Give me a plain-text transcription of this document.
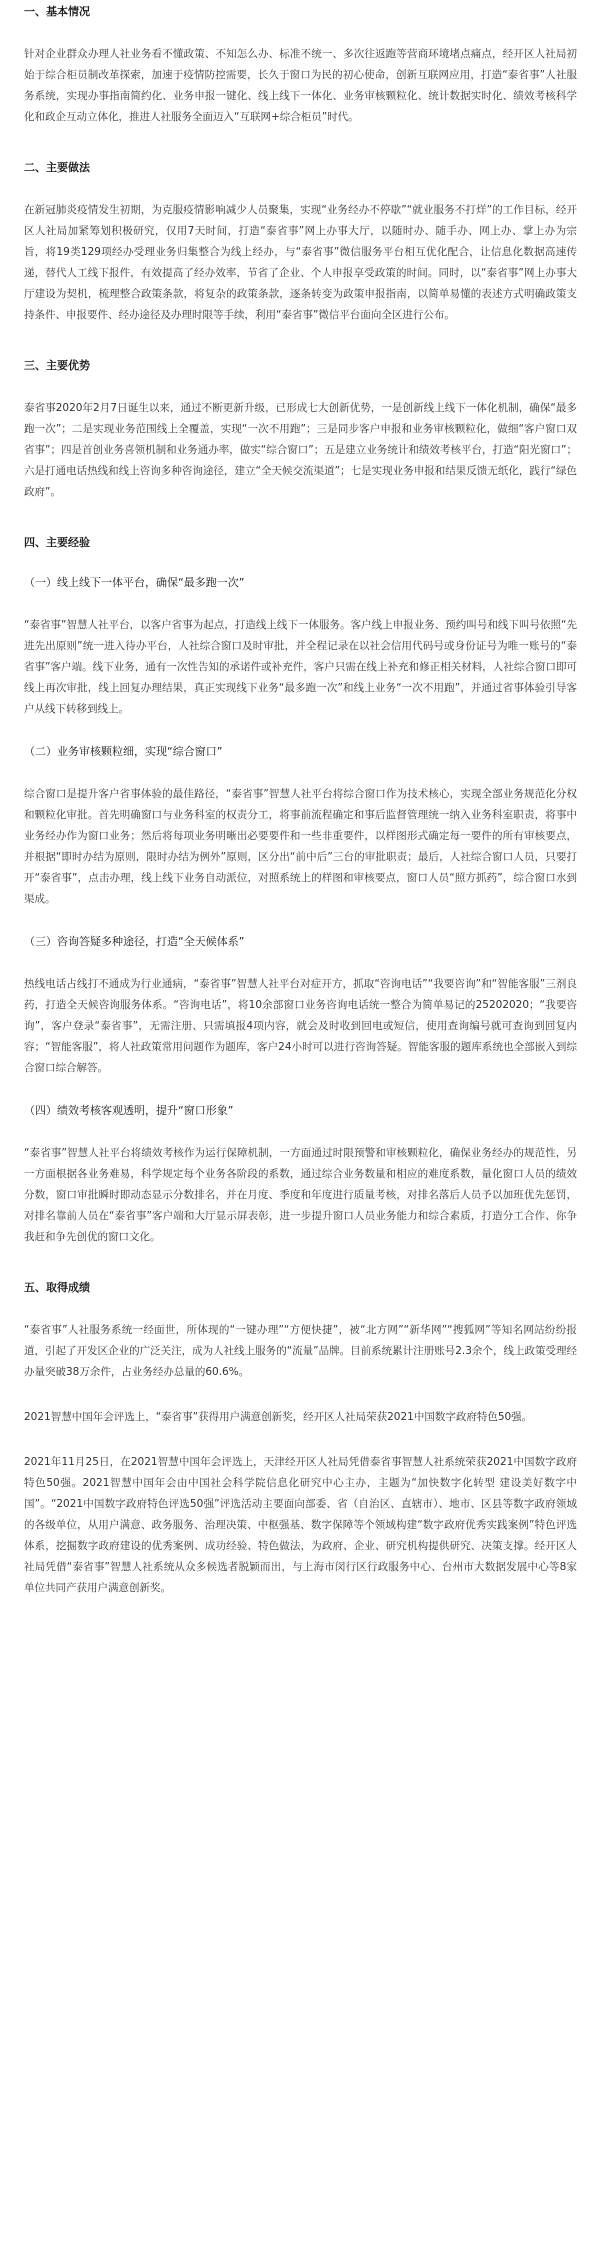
一、基本情况

针对企业群众办理人社业务看不懂政策、不知怎么办、标准不统一、多次往返跑等营商环境堵点痛点，经开区人社局初始于综合柜员制改革探索，加速于疫情防控需要，长久于窗口为民的初心使命，创新互联网应用，打造“泰省事”人社服务系统，实现办事指南简约化、业务申报一键化、线上线下一体化、业务审核颗粒化、统计数据实时化、绩效考核科学化和政企互动立体化，推进人社服务全面迈入“互联网+综合柜员”时代。

二、主要做法

在新冠肺炎疫情发生初期，为克服疫情影响减少人员聚集，实现“业务经办不停歇”“就业服务不打烊”的工作目标，经开区人社局加紧筹划积极研究，仅用7天时间，打造“泰省事”网上办事大厅，以随时办、随手办、网上办、掌上办为宗旨，将19类129项经办受理业务归集整合为线上经办，与“泰省事”微信服务平台相互优化配合，让信息化数据高速传递，替代人工线下报件，有效提高了经办效率，节省了企业、个人申报享受政策的时间。同时，以“泰省事”网上办事大厅建设为契机，梳理整合政策条款，将复杂的政策条款，逐条转变为政策申报指南，以简单易懂的表述方式明确政策支持条件、申报要件、经办途径及办理时限等手续，利用“泰省事”微信平台面向全区进行公布。

三、主要优势

泰省事2020年2月7日诞生以来，通过不断更新升级，已形成七大创新优势，一是创新线上线下一体化机制，确保“最多跑一次”；二是实现业务范围线上全覆盖，实现“一次不用跑”；三是同步客户申报和业务审核颗粒化，做细“客户窗口双省事”；四是首创业务喜领机制和业务通办率，做实“综合窗口”；五是建立业务统计和绩效考核平台，打造“阳光窗口”；六是打通电话热线和线上咨询多种咨询途径，建立“全天候交流渠道”；七是实现业务申报和结果反馈无纸化，践行“绿色政府”。

四、主要经验

（一）线上线下一体平台，确保“最多跑一次”

“泰省事”智慧人社平台，以客户省事为起点，打造线上线下一体服务。客户线上申报业务、预约叫号和线下叫号依照“先进先出原则”统一进入待办平台，人社综合窗口及时审批，并全程记录在以社会信用代码号或身份证号为唯一账号的“泰省事”客户端。线下业务，通有一次性告知的承诺件或补充件，客户只需在线上补充和修正相关材料，人社综合窗口即可线上再次审批，线上回复办理结果，真正实现线下业务“最多跑一次”和线上业务“一次不用跑”，并通过省事体验引导客户从线下转移到线上。

（二）业务审核颗粒细，实现“综合窗口”

综合窗口是提升客户省事体验的最佳路径，“泰省事”智慧人社平台将综合窗口作为技术核心，实现全部业务规范化分权和颗粒化审批。首先明确窗口与业务科室的权责分工，将事前流程确定和事后监督管理统一纳入业务科室职责，将事中业务经办作为窗口业务；然后将每项业务明晰出必要要件和一些非重要件，以样图形式确定每一要件的所有审核要点，并根据“即时办结为原则，限时办结为例外”原则，区分出“前中后”三台的审批职责；最后，人社综合窗口人员，只要打开“泰省事”，点击办理，线上线下业务自动派位，对照系统上的样图和审核要点，窗口人员“照方抓药”，综合窗口水到渠成。

（三）咨询答疑多种途径，打造“全天候体系”

热线电话占线打不通成为行业通病，“泰省事”智慧人社平台对症开方，抓取“咨询电话”“我要咨询”和“智能客服”三剂良药，打造全天候咨询服务体系。“咨询电话”，将10余部窗口业务咨询电话统一整合为简单易记的25202020；“我要咨询”，客户登录“泰省事”，无需注册、只需填报4项内容，就会及时收到回电或短信，使用查询编号就可查询到回复内容；“智能客服”，将人社政策常用问题作为题库，客户24小时可以进行咨询答疑。智能客服的题库系统也全部嵌入到综合窗口综合解答。

（四）绩效考核客观透明，提升“窗口形象”

“泰省事”智慧人社平台将绩效考核作为运行保障机制，一方面通过时限预警和审核颗粒化，确保业务经办的规范性，另一方面根据各业务难易，科学规定每个业务各阶段的系数，通过综合业务数量和相应的难度系数，量化窗口人员的绩效分数，窗口审批瞬时即动态显示分数排名，并在月度、季度和年度进行质量考核，对排名落后人员予以加班优先惩罚，对排名靠前人员在“泰省事”客户端和大厅显示屏表彰，进一步提升窗口人员业务能力和综合素质，打造分工合作、你争我赶和争先创优的窗口文化。

五、取得成绩

“泰省事”人社服务系统一经面世，所体现的“一键办理”“方便快捷”，被“北方网”“新华网”“搜狐网”等知名网站纷纷报道，引起了开发区企业的广泛关注，成为人社线上服务的“流量”品牌。目前系统累计注册账号2.3余个，线上政策受理经办量突破38万余件，占业务经办总量的60.6%。

2021智慧中国年会评选上，“泰省事”获得用户满意创新奖，经开区人社局荣获2021中国数字政府特色50强。

2021年11月25日，在2021智慧中国年会评选上，天津经开区人社局凭借泰省事智慧人社系统荣获2021中国数字政府特色50强。2021智慧中国年会由中国社会科学院信息化研究中心主办，主题为“加快数字化转型 建设美好数字中国”。“2021中国数字政府特色评选50强”评选活动主要面向部委、省（自治区、直辖市）、地市、区县等数字政府领域的各级单位，从用户满意、政务服务、治理决策、中枢强基、数字保障等个领域构建“数字政府优秀实践案例”特色评选体系，挖掘数字政府建设的优秀案例、成功经验、特色做法，为政府、企业、研究机构提供研究、决策支撑。经开区人社局凭借“泰省事”智慧人社系统从众多候选者脱颖而出，与上海市闵行区行政服务中心、台州市大数据发展中心等8家单位共同产获用户满意创新奖。
